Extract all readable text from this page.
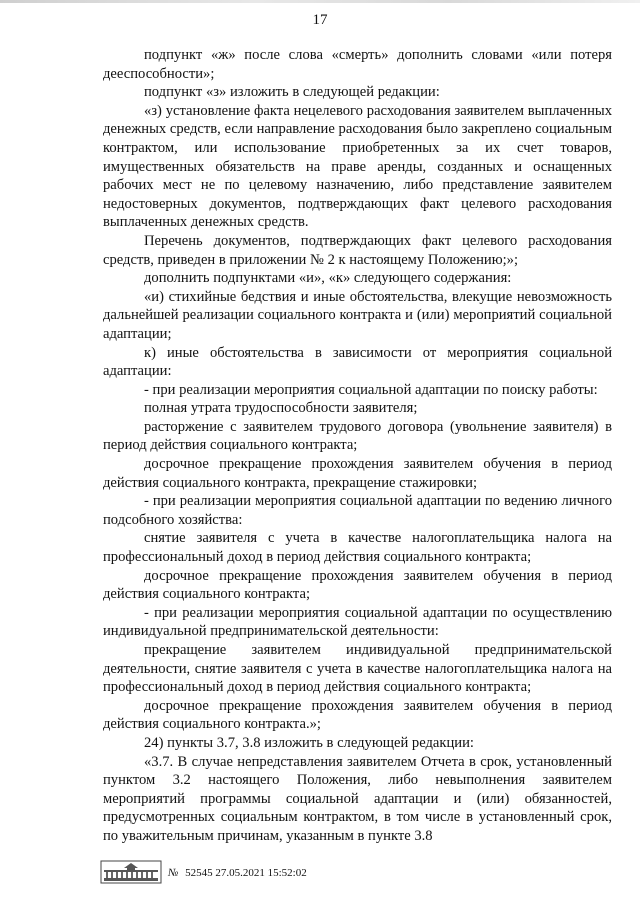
17

подпункт «ж» после слова «смерть» дополнить словами «или потеря дееспособности»;

подпункт «з» изложить в следующей редакции:

«з) установление факта нецелевого расходования заявителем выплаченных денежных средств, если направление расходования было закреплено социальным контрактом, или использование приобретенных за их счет товаров, имущественных обязательств на праве аренды, созданных и оснащенных рабочих мест не по целевому назначению, либо представление заявителем недостоверных документов, подтверждающих факт целевого расходования выплаченных денежных средств.

Перечень документов, подтверждающих факт целевого расходования средств, приведен в приложении № 2 к настоящему Положению;»;

дополнить подпунктами «и», «к» следующего содержания:

«и) стихийные бедствия и иные обстоятельства, влекущие невозможность дальнейшей реализации социального контракта и (или) мероприятий социальной адаптации;

к) иные обстоятельства в зависимости от мероприятия социальной адаптации:

- при реализации мероприятия социальной адаптации по поиску работы:

полная утрата трудоспособности заявителя;

расторжение с заявителем трудового договора (увольнение заявителя) в период действия социального контракта;

досрочное прекращение прохождения заявителем обучения в период действия социального контракта, прекращение стажировки;

- при реализации мероприятия социальной адаптации по ведению личного подсобного хозяйства:

снятие заявителя с учета в качестве налогоплательщика налога на профессиональный доход в период действия социального контракта;

досрочное прекращение прохождения заявителем обучения в период действия социального контракта;

- при реализации мероприятия социальной адаптации по осуществлению индивидуальной предпринимательской деятельности:

прекращение заявителем индивидуальной предпринимательской деятельности, снятие заявителя с учета в качестве налогоплательщика налога на профессиональный доход в период действия социального контракта;

досрочное прекращение прохождения заявителем обучения в период действия социального контракта.»;

24) пункты 3.7, 3.8 изложить в следующей редакции:

«3.7. В случае непредставления заявителем Отчета в срок, установленный пунктом 3.2 настоящего Положения, либо невыполнения заявителем мероприятий программы социальной адаптации и (или) обязанностей, предусмотренных социальным контрактом, в том числе в установленный срок, по уважительным причинам, указанным в пункте 3.8

№ 52545 27.05.2021 15:52:02
